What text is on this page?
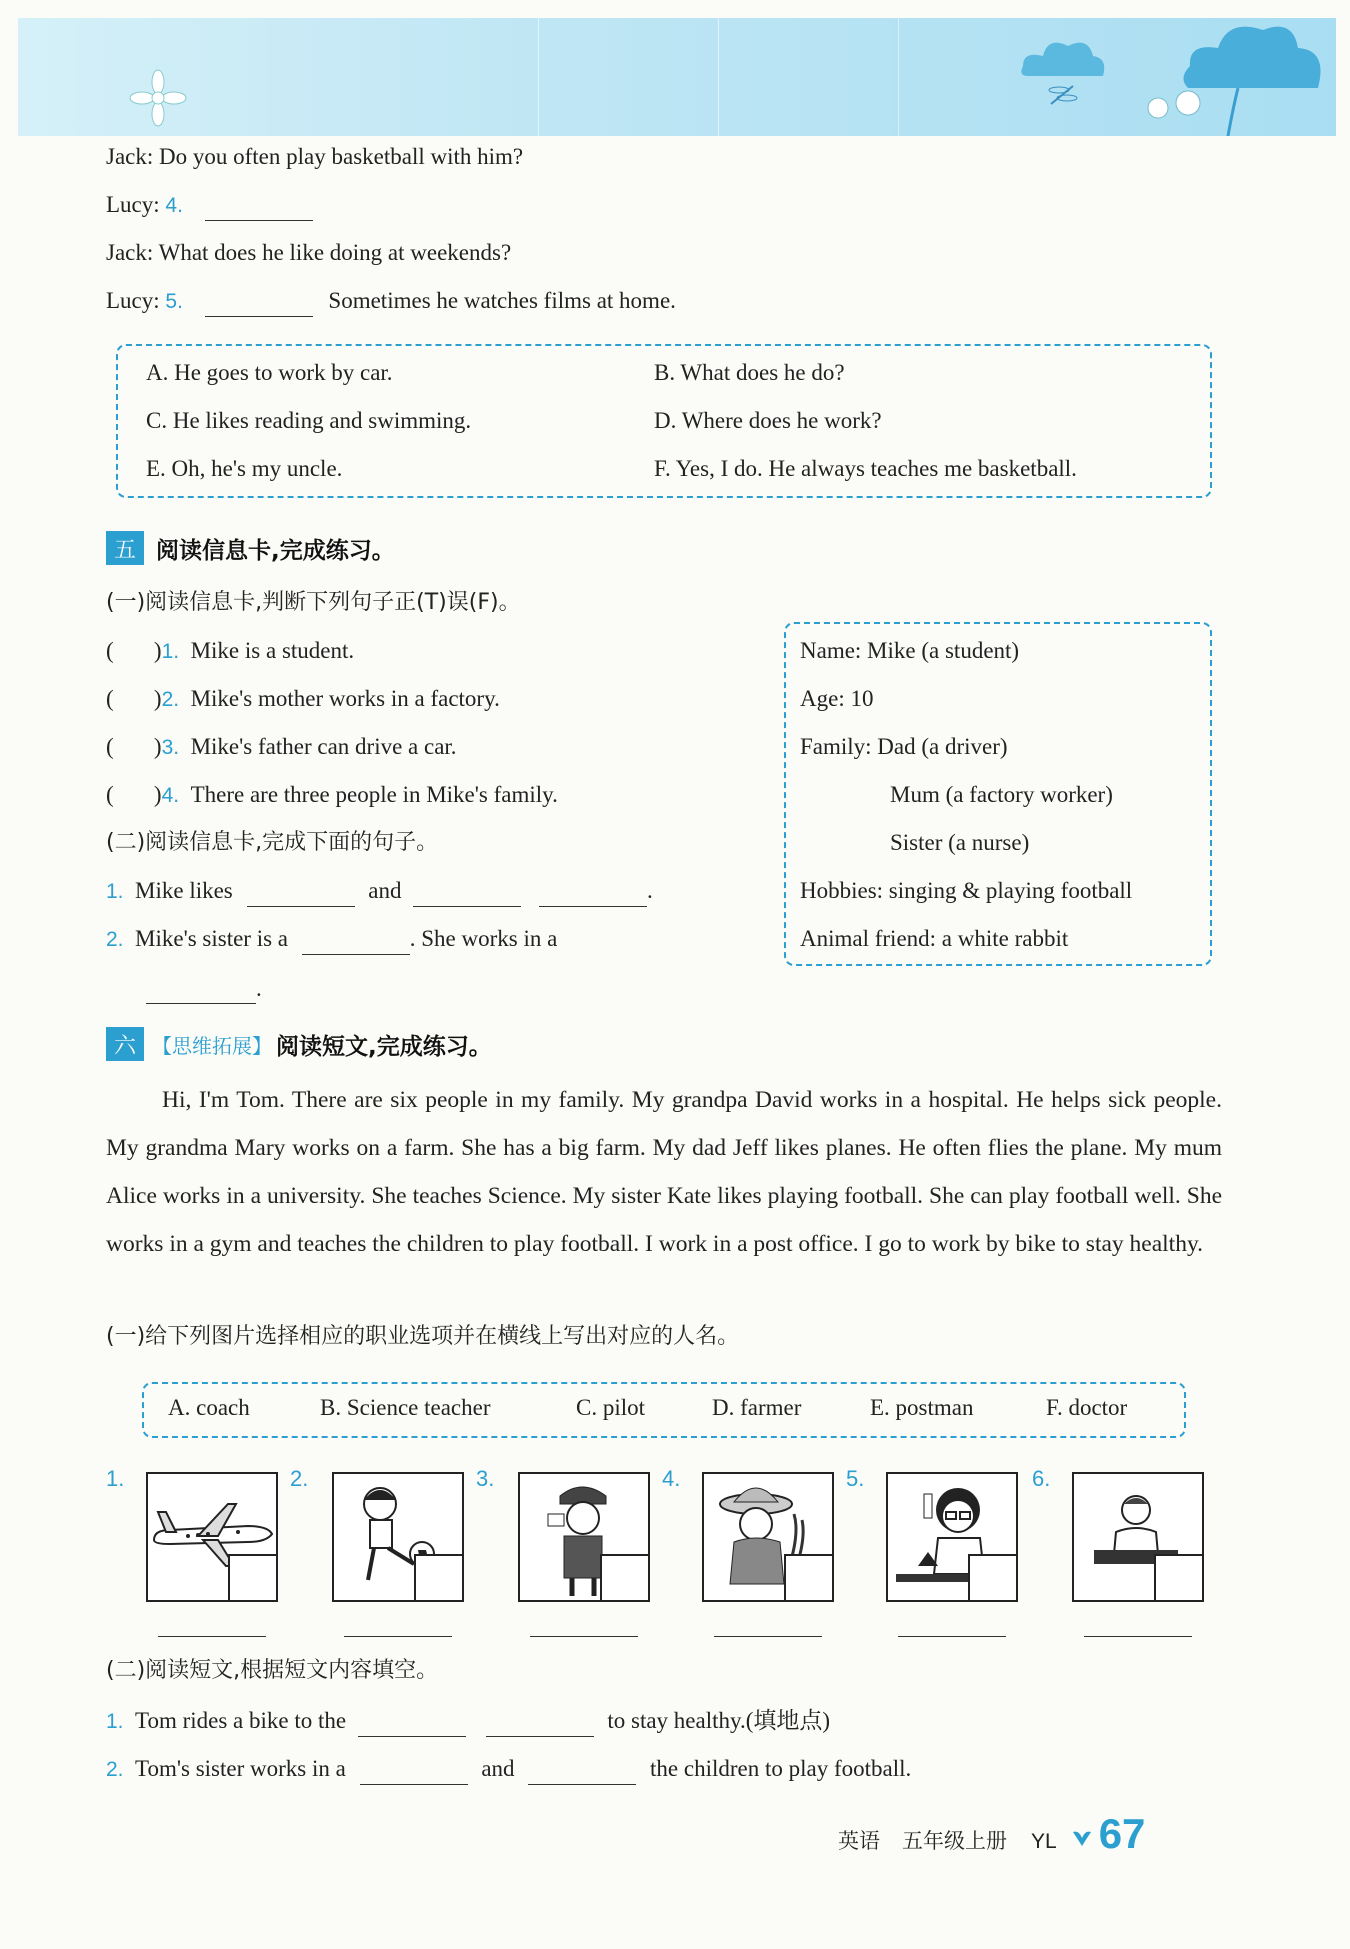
Jack: Do you often play basketball with him?
Lucy: 4.
Jack: What does he like doing at weekends?
Lucy: 5.	Sometimes he watches films at home.
A. He goes to work by car.	B. What does he do?
C. He likes reading and swimming.	D. Where does he work?
E. Oh, he's my uncle.	F. Yes, I do. He always teaches me basketball.
五 阅读信息卡,完成练习。
(一)阅读信息卡,判断下列句子正(T)误(F)。
(       )1. Mike is a student.
(       )2. Mike's mother works in a factory.
(       )3. Mike's father can drive a car.
(       )4. There are three people in Mike's family.
(二)阅读信息卡,完成下面的句子。
1. Mike likes	and	.
2. Mike's sister is a	. She works in a
.
Name: Mike (a student)
Age: 10
Family: Dad (a driver)
Mum (a factory worker)
Sister (a nurse)
Hobbies: singing & playing football
Animal friend: a white rabbit
六 【思维拓展】 阅读短文,完成练习。
Hi, I'm Tom. There are six people in my family. My grandpa David works in a hospital. He helps sick people. My grandma Mary works on a farm. She has a big farm. My dad Jeff likes planes. He often flies the plane. My mum Alice works in a university. She teaches Science. My sister Kate likes playing football. She can play football well. She works in a gym and teaches the children to play football. I work in a post office. I go to work by bike to stay healthy.
(一)给下列图片选择相应的职业选项并在横线上写出对应的人名。
A. coach	B. Science teacher	C. pilot	D. farmer	E. postman	F. doctor
1.	2.	3.	4.	5.	6.
(二)阅读短文,根据短文内容填空。
1. Tom rides a bike to the	to stay healthy.(填地点)
2. Tom's sister works in a	and	the children to play football.
英语 五年级上册 YL 67
